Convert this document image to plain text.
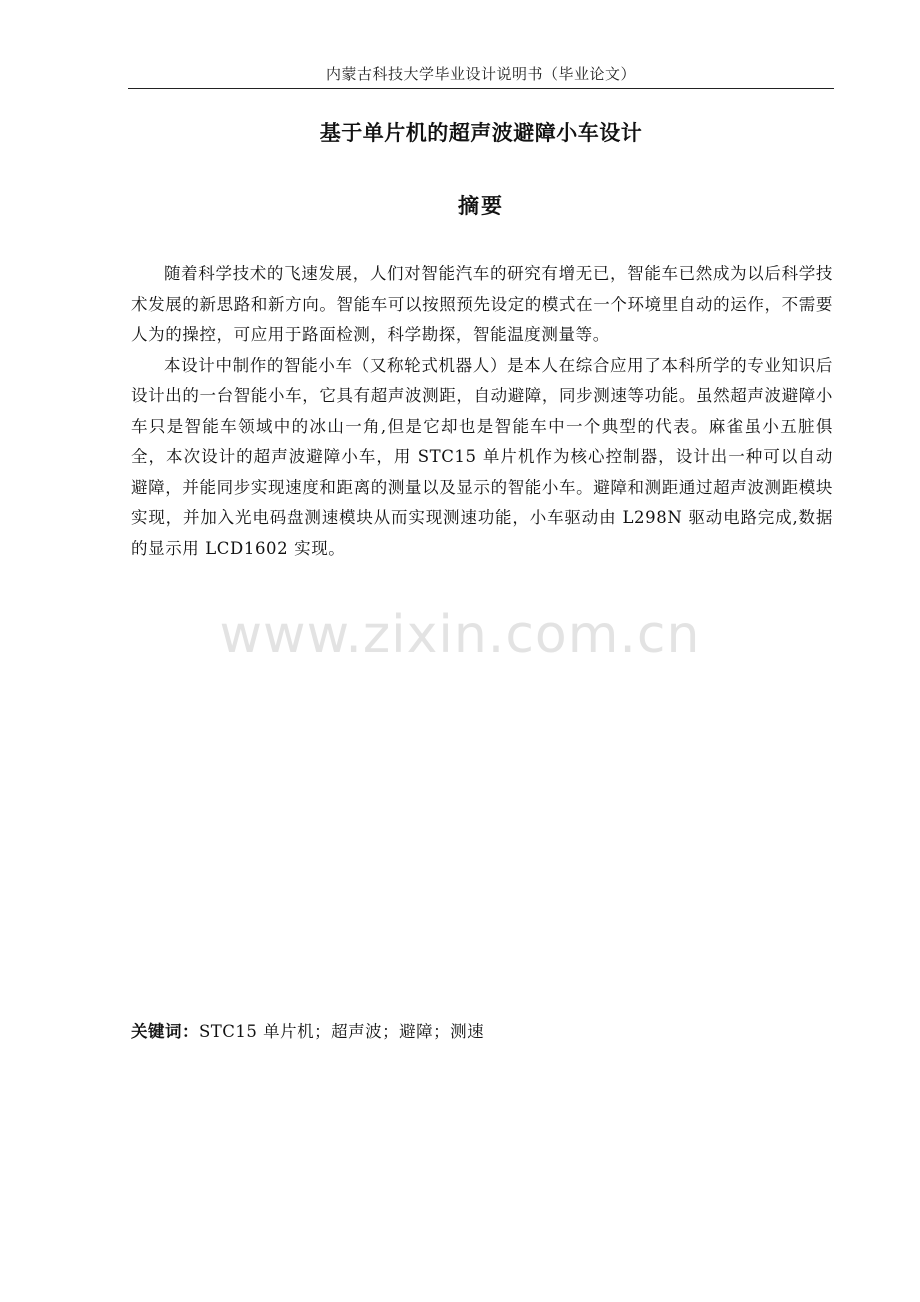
内蒙古科技大学毕业设计说明书（毕业论文）
基于单片机的超声波避障小车设计
摘要

随着科学技术的飞速发展，人们对智能汽车的研究有增无已，智能车已然成为以后科学技术发展的新思路和新方向。智能车可以按照预先设定的模式在一个环境里自动的运作，不需要人为的操控，可应用于路面检测，科学勘探，智能温度测量等。

本设计中制作的智能小车（又称轮式机器人）是本人在综合应用了本科所学的专业知识后设计出的一台智能小车，它具有超声波测距，自动避障，同步测速等功能。虽然超声波避障小车只是智能车领域中的冰山一角,但是它却也是智能车中一个典型的代表。麻雀虽小五脏俱全，本次设计的超声波避障小车，用 STC15 单片机作为核心控制器，设计出一种可以自动避障，并能同步实现速度和距离的测量以及显示的智能小车。避障和测距通过超声波测距模块实现，并加入光电码盘测速模块从而实现测速功能，小车驱动由 L298N 驱动电路完成,数据的显示用 LCD1602 实现。

www.zixin.com.cn
关键词：STC15 单片机；超声波；避障；测速
